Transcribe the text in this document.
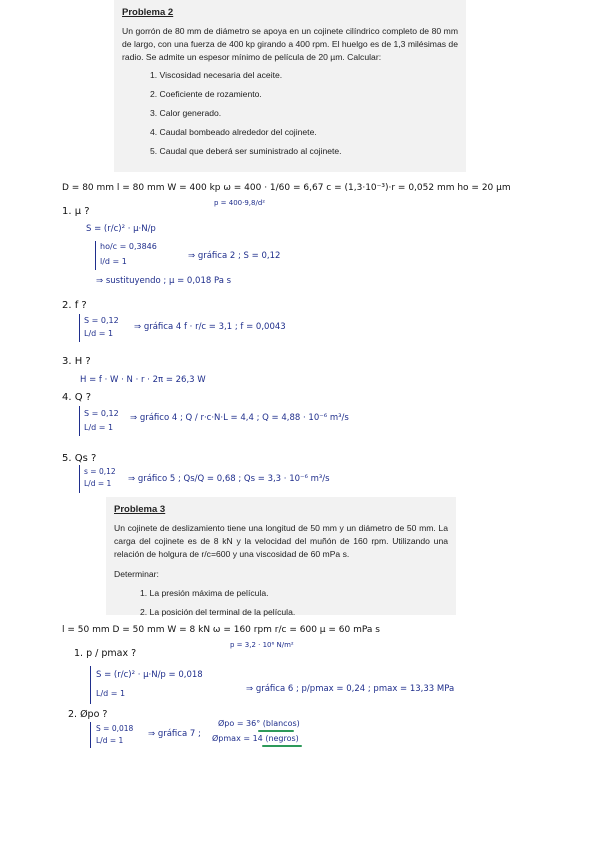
Problema 2

Un gorrón de 80 mm de diámetro se apoya en un cojinete cilíndrico completo de 80 mm de largo, con una fuerza de 400 kp girando a 400 rpm. El huelgo es de 1,3 milésimas de radio. Se admite un espesor mínimo de película de 20 µm. Calcular:

1. Viscosidad necesaria del aceite.
2. Coeficiente de rozamiento.
3. Calor generado.
4. Caudal bombeado alrededor del cojinete.
5. Caudal que deberá ser suministrado al cojinete.
D = 80 mm l = 80 mm W = 400 kp ω = 400 · 1/60 = 6,67 c = (1,3·10⁻³)·r = 0,052 mm ho = 20 µm
p = 400·9,8/d²
1. µ ?
S = (r/c)² · µ·N/p
ho/c = 0,3846
l/d = 1
⇒ gráfica 2 ; S = 0,12
⇒ sustituyendo ; µ = 0,018 Pa s
2. f ?
S = 0,12
L/d = 1
⇒ gráfica 4 f · r/c = 3,1 ; f = 0,0043
3. H ?
H = f · W · N · r · 2π = 26,3 W
4. Q ?
S = 0,12
L/d = 1
⇒ gráfico 4 ; Q / r·c·N·L = 4,4 ; Q = 4,88 · 10⁻⁶ m³/s
5. Qs ?
s = 0,12
L/d = 1 ⇒ gráfico 5 ; Qs/Q = 0,68 ; Qs = 3,3 · 10⁻⁶ m³/s
Problema 3

Un cojinete de deslizamiento tiene una longitud de 50 mm y un diámetro de 50 mm. La carga del cojinete es de 8 kN y la velocidad del muñón de 160 rpm. Utilizando una relación de holgura de r/c=600 y una viscosidad de 60 mPa s.

Determinar:

1. La presión máxima de película.
2. La posición del terminal de la película.
l = 50 mm D = 50 mm W = 8 kN ω = 160 rpm r/c = 600 µ = 60 mPa s
p = 3,2 · 10⁶ N/m²
1. p / pmax ?
S = (r/c)² · µ·N/p = 0,018
L/d = 1	⇒ gráfica 6 ; p/pmax = 0,24 ; pmax = 13,33 MPa
2. Øpo ?
S = 0,018
L/d = 1
⇒ gráfica 7 ;
Øpo = 36° (blancos)
Øpmax = 14 (negros)
